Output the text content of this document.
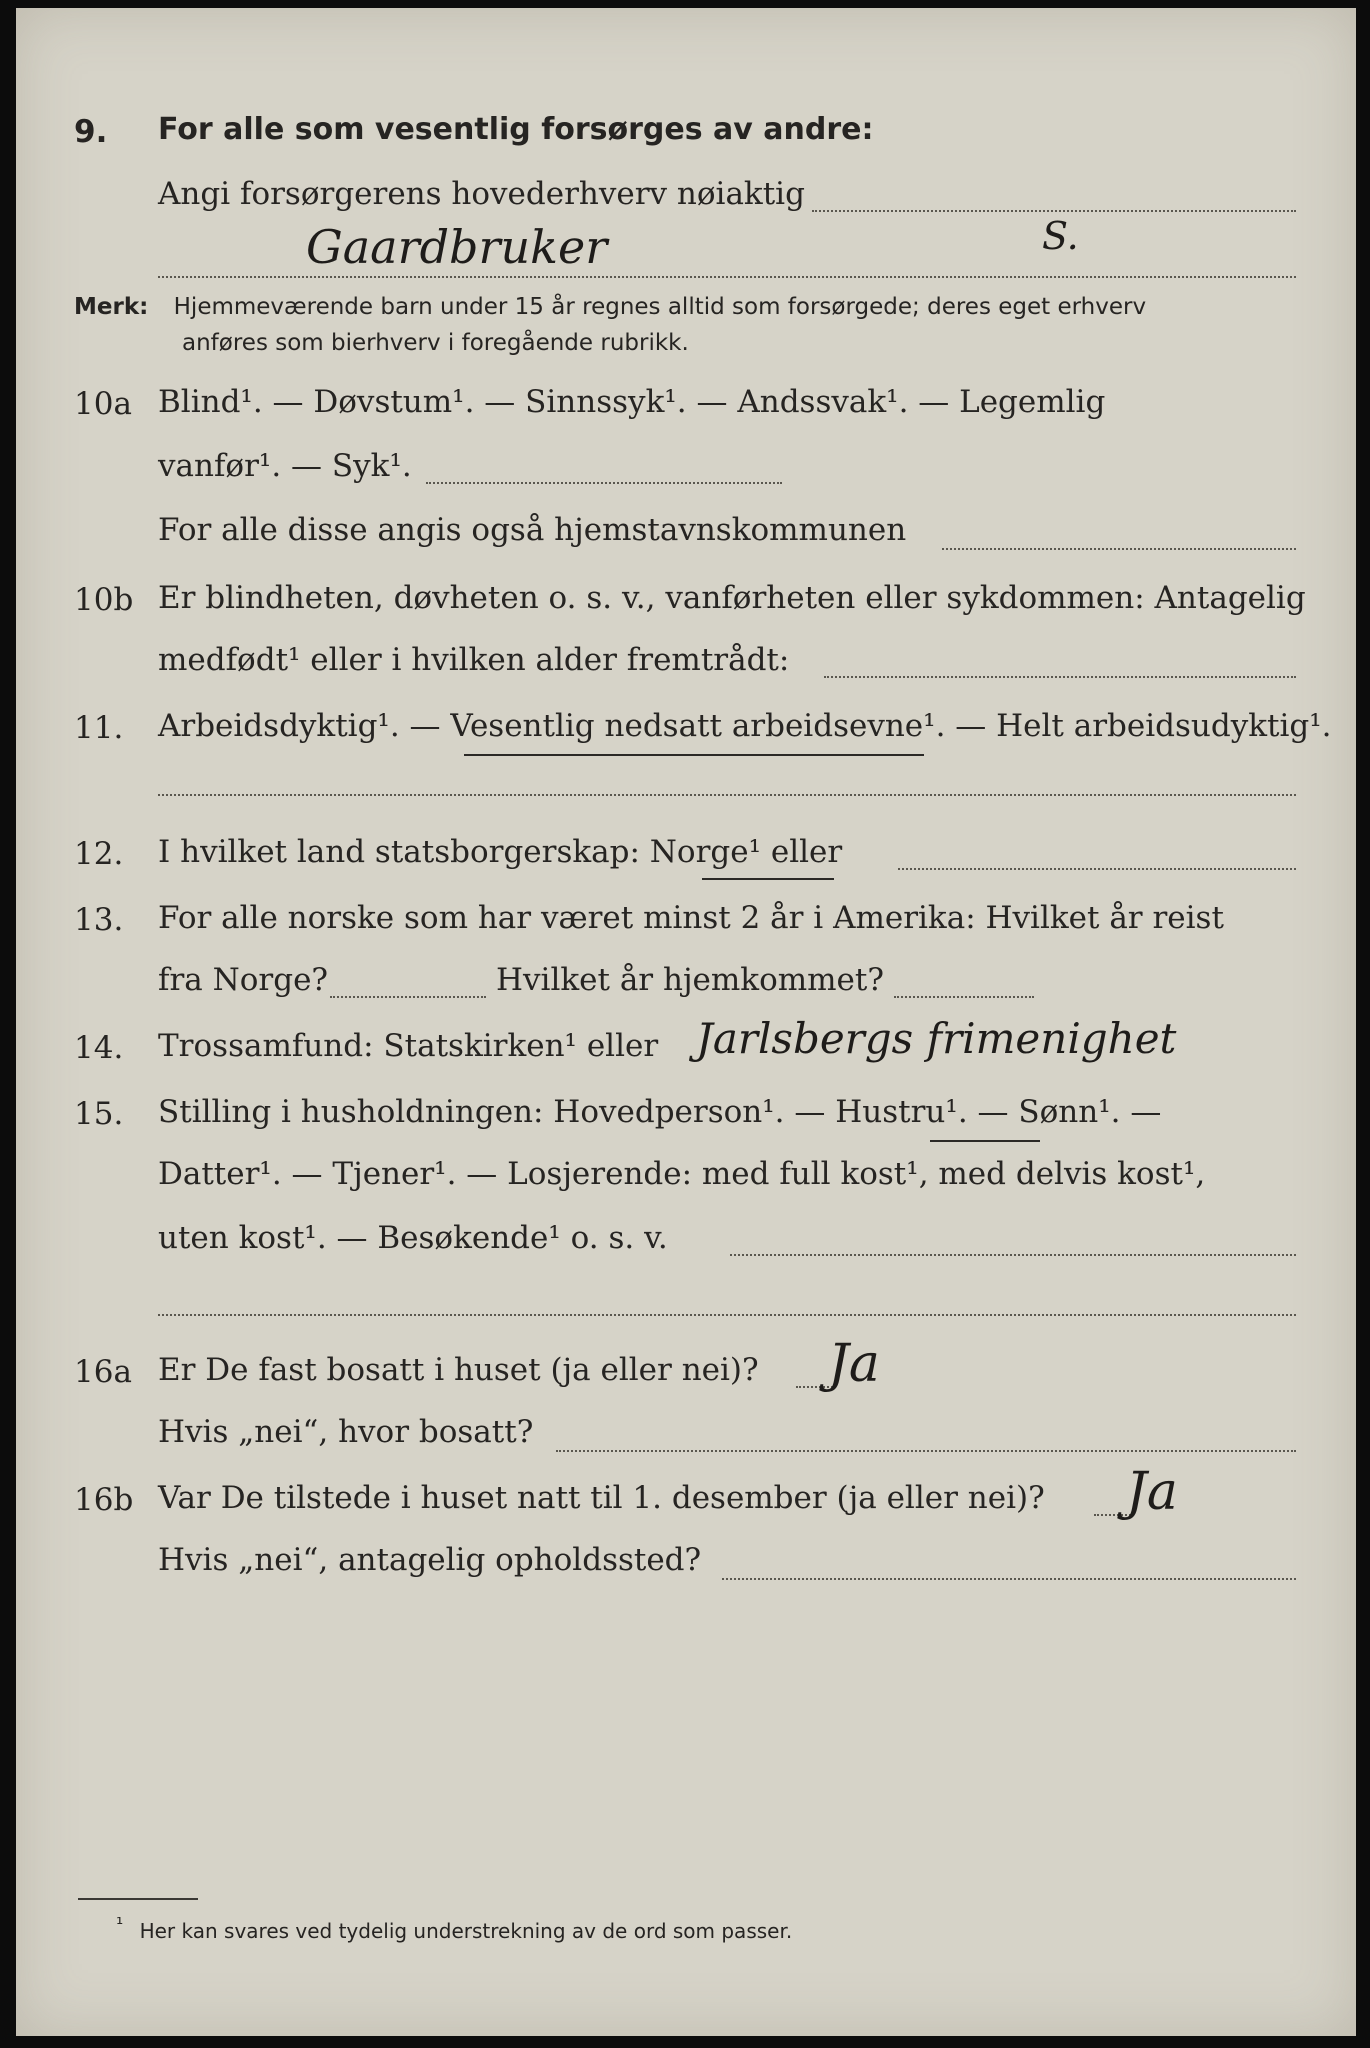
9. For alle som vesentlig forsørges av andre:
Angi forsørgerens hovederhverv nøiaktig
Gaardbruker	S.
Merk: Hjemmeværende barn under 15 år regnes alltid som forsørgede; deres eget erhverv
anføres som bierhverv i foregående rubrikk.
10a Blind¹. — Døvstum¹. — Sinnssyk¹. — Andssvak¹. — Legemlig
vanfør¹. — Syk¹.
For alle disse angis også hjemstavnskommunen
10b Er blindheten, døvheten o. s. v., vanførheten eller sykdommen: Antagelig
medfødt¹ eller i hvilken alder fremtrådt:
11. Arbeidsdyktig¹. — Vesentlig nedsatt arbeidsevne¹. — Helt arbeidsudyktig¹.
12. I hvilket land statsborgerskap: Norge¹ eller
13. For alle norske som har været minst 2 år i Amerika: Hvilket år reist
fra Norge?	Hvilket år hjemkommet?
14. Trossamfund: Statskirken¹ eller Jarlsbergs frimenighet
15. Stilling i husholdningen: Hovedperson¹. — Hustru¹. — Sønn¹. —
Datter¹. — Tjener¹. — Losjerende: med full kost¹, med delvis kost¹,
uten kost¹. — Besøkende¹ o. s. v.
16a Er De fast bosatt i huset (ja eller nei)? Ja
Hvis „nei“, hvor bosatt?
16b Var De tilstede i huset natt til 1. desember (ja eller nei)? Ja
Hvis „nei“, antagelig opholdssted?
¹ Her kan svares ved tydelig understrekning av de ord som passer.
